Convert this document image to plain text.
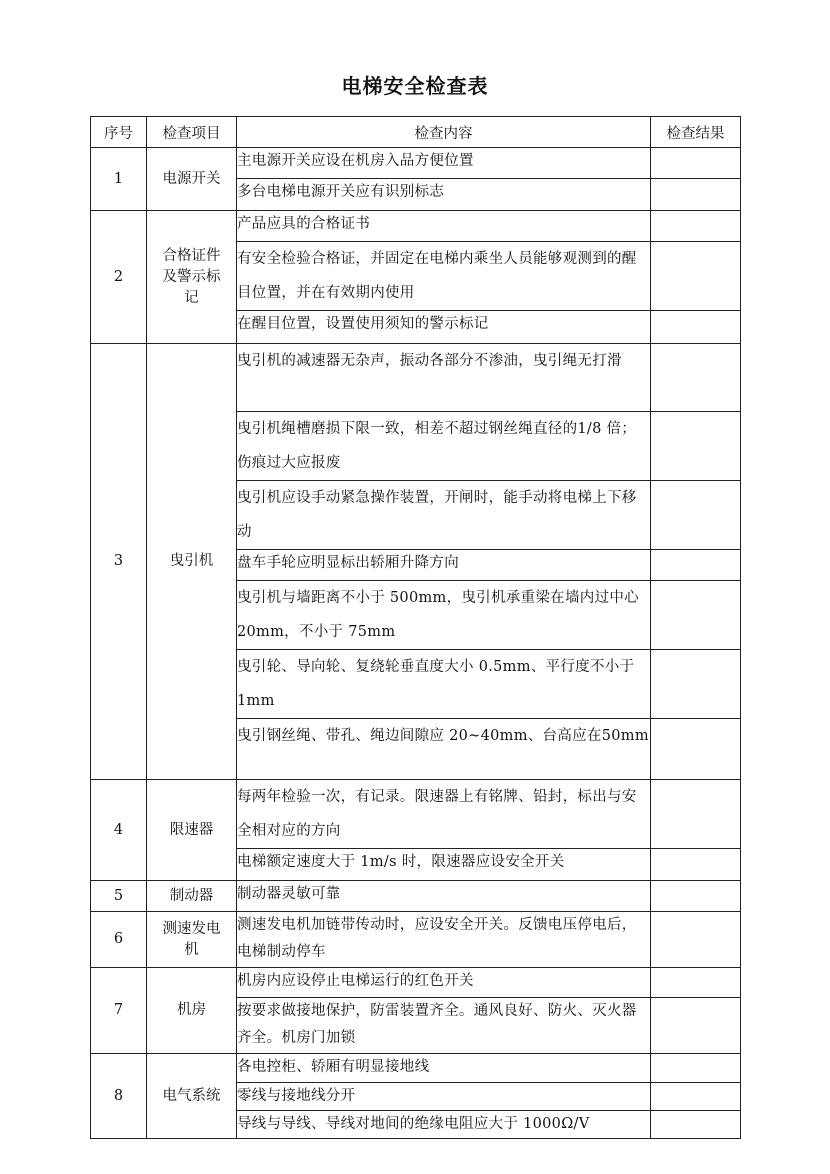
电梯安全检查表
序号	检查项目	检查内容	检查结果
1	电源开关	主电源开关应设在机房入品方便位置	
		多台电梯电源开关应有识别标志	
2	合格证件及警示标记	产品应具的合格证书	
		有安全检验合格证，并固定在电梯内乘坐人员能够观测到的醒目位置，并在有效期内使用	
		在醒目位置，设置使用须知的警示标记	
3	曳引机	曳引机的减速器无杂声，振动各部分不渗油，曳引绳无打滑	
		曳引机绳槽磨损下限一致，相差不超过钢丝绳直径的1/8 倍；伤痕过大应报废	
		曳引机应设手动紧急操作装置，开闸时，能手动将电梯上下移动	
		盘车手轮应明显标出轿厢升降方向	
		曳引机与墙距离不小于 500mm，曳引机承重梁在墙内过中心 20mm，不小于 75mm	
		曳引轮、导向轮、复绕轮垂直度大小 0.5mm、平行度不小于 1mm	
		曳引钢丝绳、带孔、绳边间隙应 20~40mm、台高应在50mm	
4	限速器	每两年检验一次，有记录。限速器上有铭牌、铅封，标出与安全相对应的方向	
		电梯额定速度大于 1m/s 时，限速器应设安全开关	
5	制动器	制动器灵敏可靠	
6	测速发电机	测速发电机加链带传动时，应设安全开关。反馈电压停电后，电梯制动停车	
7	机房	机房内应设停止电梯运行的红色开关	
		按要求做接地保护，防雷装置齐全。通风良好、防火、灭火器齐全。机房门加锁	
8	电气系统	各电控柜、轿厢有明显接地线	
		零线与接地线分开	
		导线与导线、导线对地间的绝缘电阻应大于 1000Ω/V	
